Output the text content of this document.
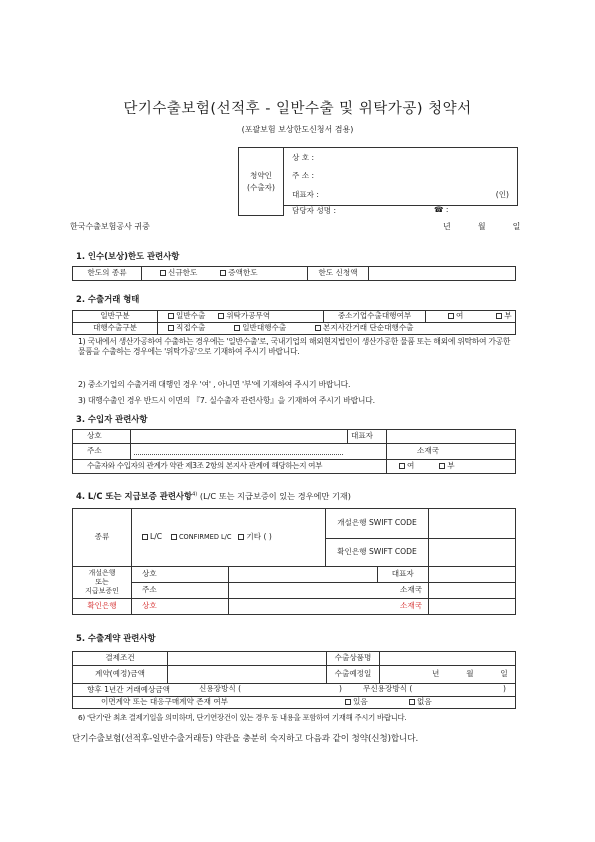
단기수출보험(선적후 - 일반수출 및 위탁가공) 청약서
(포괄보험 보상한도신청서 겸용)
청약인
(수출자)	상 호 :
주 소 :
대표자 :	(인)

담당자 성명 :	☎ :
한국수출보험공사 귀중	년	월	일
1. 인수(보상)한도 관련사항
한도의 종류	신규한도	증액한도	한도 신청액	
2. 수출거래 형태
일반구분	일반수출 위탁가공무역	중소기업수출대행여부	여 부
대행수출구분	직접수출 일반대행수출 본지사간거래 단순대행수출		
1) 국내에서 생산가공하여 수출하는 경우에는 '일반수출'로, 국내기업의 해외현지법인이 생산가공한 물품 또는 해외에 위탁하여 가공한 물품을 수출하는 경우에는 '위탁가공'으로 기재하여 주시기 바랍니다.
2) 중소기업의 수출거래 대행인 경우 '여' , 아니면 '부'에 기재하여 주시기 바랍니다.
3) 대행수출인 경우 반드시 이면의 『7. 실수출자 관련사항』을 기재하여 주시기 바랍니다.
3. 수입자 관련사항
상호		대표자	
주소			소재국
수출자와 수입자의 관계가 약관 제3조 2항의 본지사 관계에 해당하는지 여부			여 부
4. L/C 또는 지급보증 관련사항$^{4)}$ (L/C 또는 지급보증이 있는 경우에만 기재)
종류	L/C CONFIRMED L/C 기타 ( )		개설은행 SWIFT CODE		
			확인은행 SWIFT CODE		
개설은행
또는
지급보증인	상호			대표자	
	주소	소재국			
확인은행	상호	소재국			
5. 수출계약 관련사항
결제조건		수출상품명	
계약(예정)금액		수출예정일	년 월 일
향후 1년간 거래예상금액 신용장방식 ( ) 무신용장방식 ( )			

이면계약 또는 대응구매계약 존재 여부 있음 없음			
6) '단기'란 최초 결제기일을 의미하며, 단기연장건이 있는 경우 동 내용을 포함하여 기재해 주시기 바랍니다.
단기수출보험(선적후-일반수출거래등) 약관을 충분히 숙지하고 다음과 같이 청약(신청)합니다.
